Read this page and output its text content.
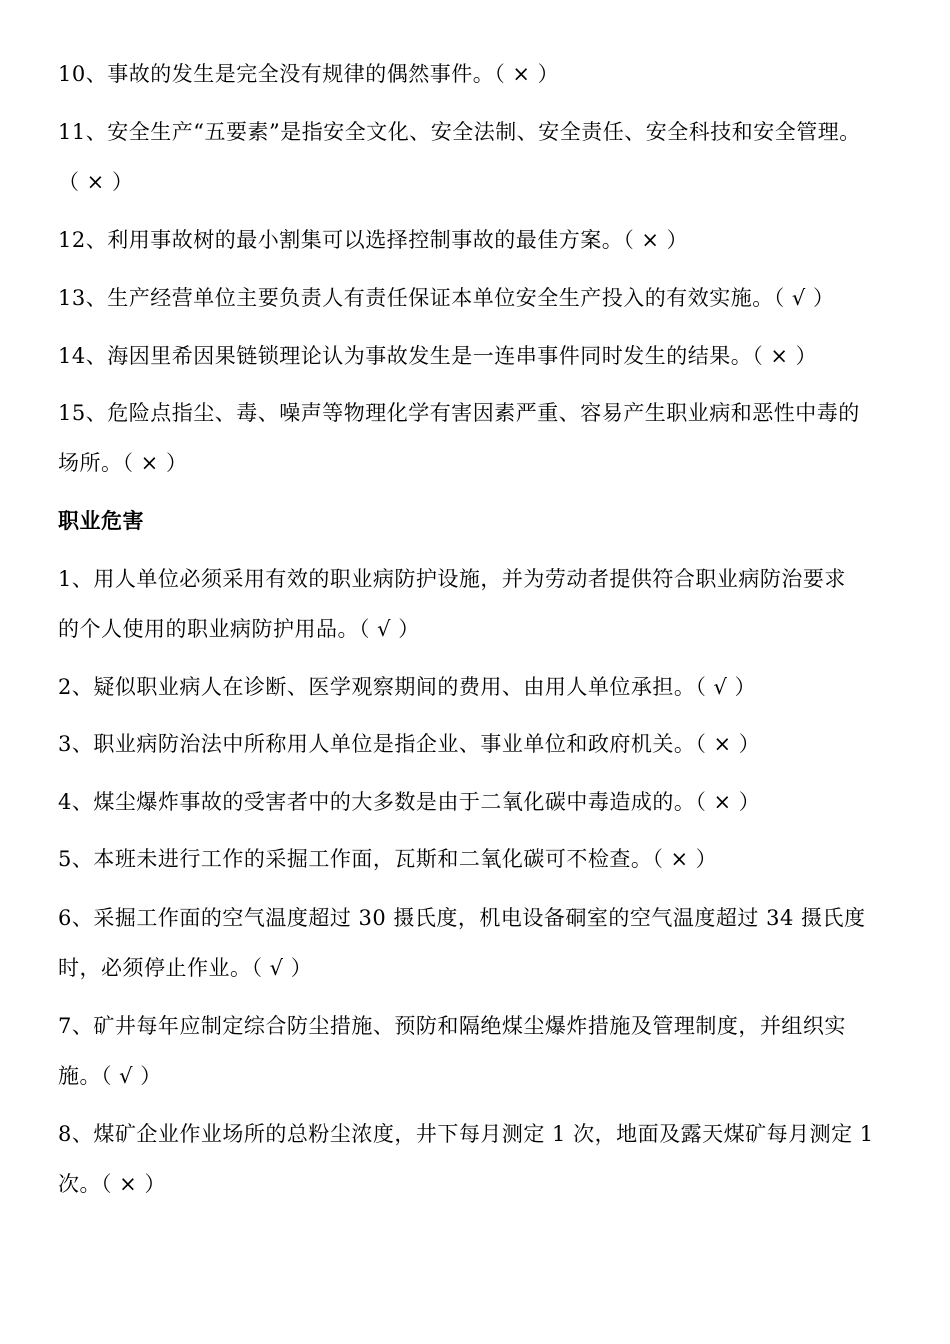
10、事故的发生是完全没有规律的偶然事件。（ × ）
11、安全生产“五要素”是指安全文化、安全法制、安全责任、安全科技和安全管理。
（ × ）
12、利用事故树的最小割集可以选择控制事故的最佳方案。（ × ）
13、生产经营单位主要负责人有责任保证本单位安全生产投入的有效实施。（ √ ）
14、海因里希因果链锁理论认为事故发生是一连串事件同时发生的结果。（ × ）
15、危险点指尘、毒、噪声等物理化学有害因素严重、容易产生职业病和恶性中毒的
场所。（ × ）
职业危害
1、用人单位必须采用有效的职业病防护设施，并为劳动者提供符合职业病防治要求
的个人使用的职业病防护用品。（ √ ）
2、疑似职业病人在诊断、医学观察期间的费用、由用人单位承担。（ √ ）
3、职业病防治法中所称用人单位是指企业、事业单位和政府机关。（ × ）
4、煤尘爆炸事故的受害者中的大多数是由于二氧化碳中毒造成的。（ × ）
5、本班未进行工作的采掘工作面，瓦斯和二氧化碳可不检查。（ × ）
6、采掘工作面的空气温度超过 30 摄氏度，机电设备硐室的空气温度超过 34 摄氏度
时，必须停止作业。（ √ ）
7、矿井每年应制定综合防尘措施、预防和隔绝煤尘爆炸措施及管理制度，并组织实
施。（ √ ）
8、煤矿企业作业场所的总粉尘浓度，井下每月测定 1 次，地面及露天煤矿每月测定 1
次。（ × ）
